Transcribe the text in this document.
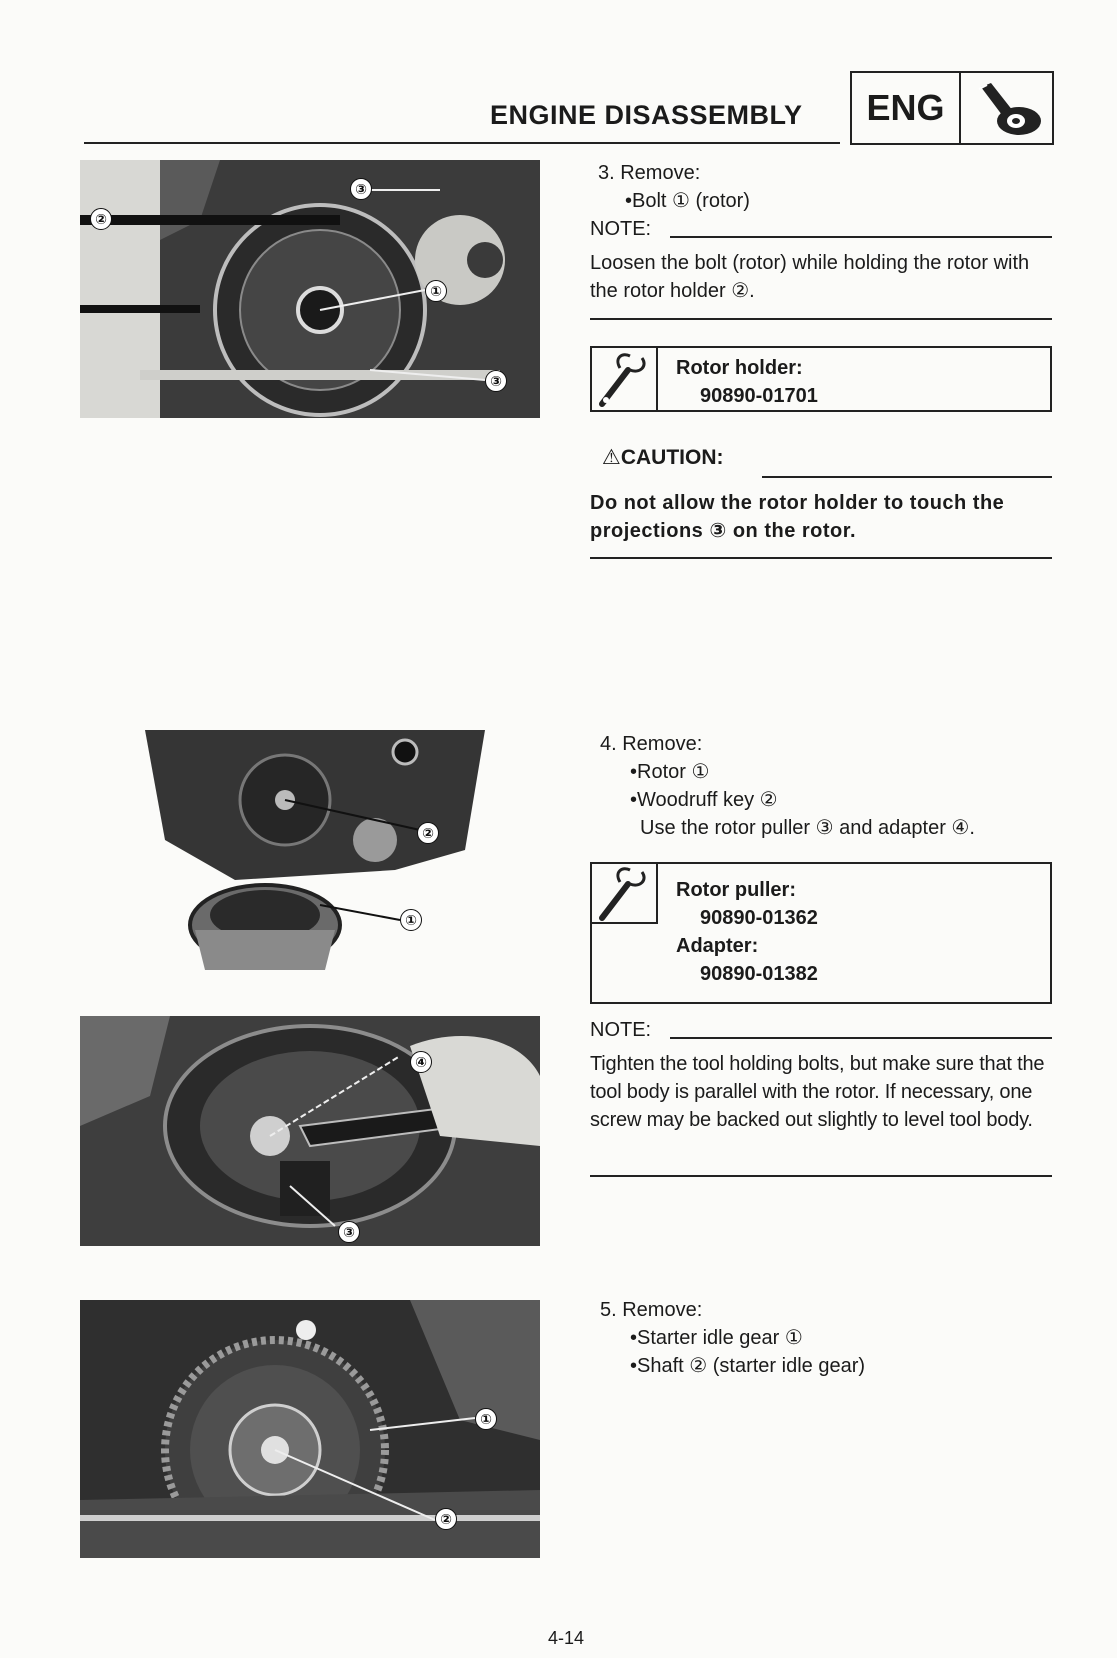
ENGINE DISASSEMBLY	ENG
②
③
①
③
3. Remove:
•Bolt ① (rotor)
NOTE:
Loosen the bolt (rotor) while holding the rotor with the rotor holder ②.
Rotor holder:
90890-01701
⚠CAUTION:
Do not allow the rotor holder to touch the projections ③ on the rotor.
②
①
④
③
4. Remove:
•Rotor ①
•Woodruff key ②
Use the rotor puller ③ and adapter ④.
Rotor puller:
90890-01362
Adapter:
90890-01382
NOTE:
Tighten the tool holding bolts, but make sure that the tool body is parallel with the rotor. If necessary, one screw may be backed out slightly to level tool body.
①
②
5. Remove:
•Starter idle gear ①
•Shaft ② (starter idle gear)
4-14
